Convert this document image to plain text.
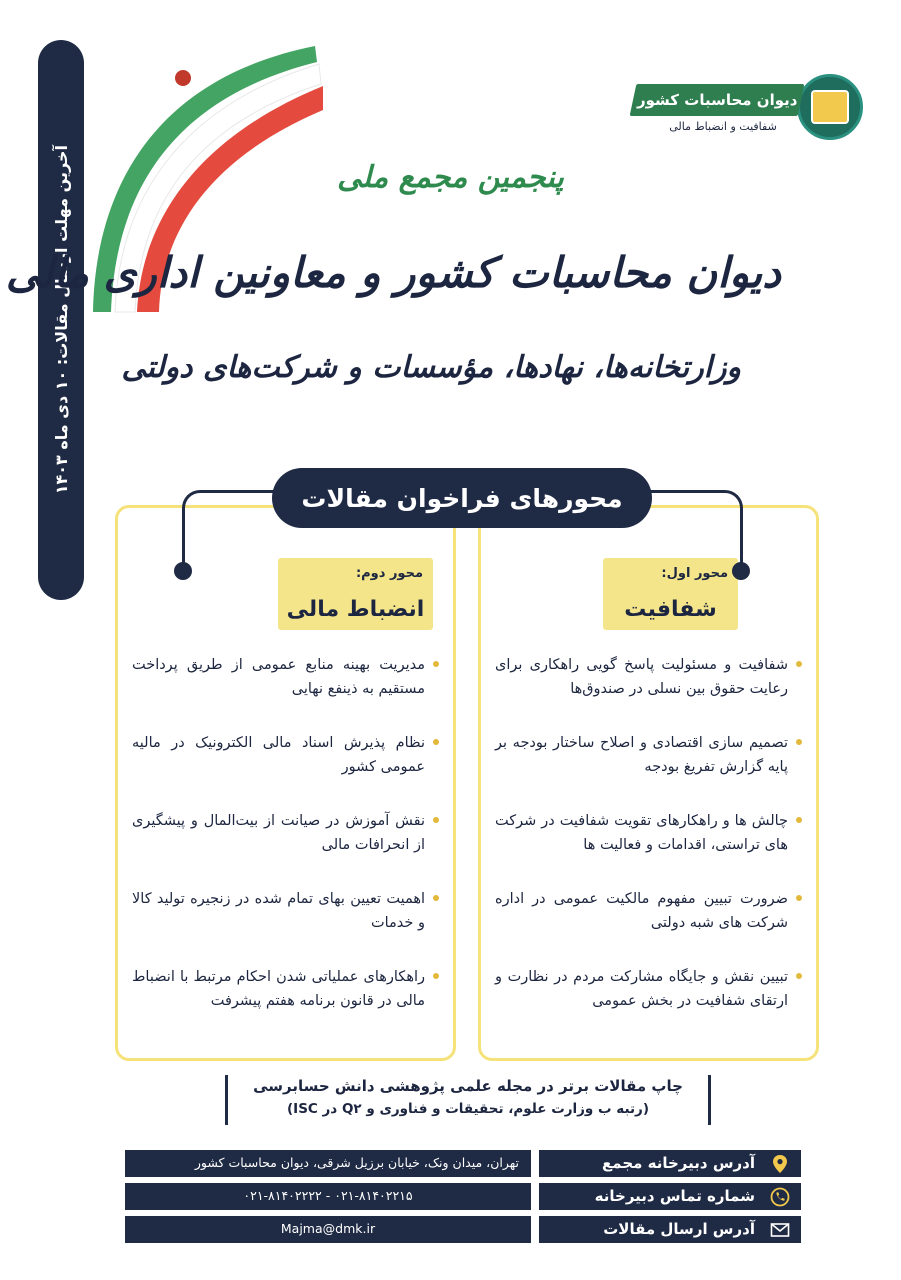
آخرین مهلت ارسال مقالات: ۱۰ دی ماه ۱۴۰۳
دیوان محاسبات کشور
شفافیت و انضباط مالی
پنجمین مجمع ملی
دیوان محاسبات کشور و معاونین اداری مالی
وزارتخانه‌ها، نهادها، مؤسسات و شرکت‌های دولتی
محور اول:
شفافیت
شفافیت و مسئولیت پاسخ گویی راهکاری برای رعایت حقوق بین نسلی در صندوق‌ها
تصمیم سازی اقتصادی و اصلاح ساختار بودجه بر پایه گزارش تفریغ بودجه
چالش ها و راهکارهای تقویت شفافیت در شرکت های تراستی، اقدامات و فعالیت ها
ضرورت تبیین مفهوم مالکیت عمومی در اداره شرکت های شبه دولتی
تبیین نقش و جایگاه مشارکت مردم در نظارت و ارتقای شفافیت در بخش عمومی
محور دوم:
انضباط مالی
مدیریت بهینه منابع عمومی از طریق پرداخت مستقیم به ذینفع نهایی
نظام پذیرش اسناد مالی الکترونیک در مالیه عمومی کشور
نقش آموزش در صیانت از بیت‌المال و پیشگیری از انحرافات مالی
اهمیت تعیین بهای تمام شده در زنجیره تولید کالا و خدمات
راهکارهای عملیاتی شدن احکام مرتبط با انضباط مالی در قانون برنامه هفتم پیشرفت
محورهای فراخوان مقالات
چاپ مقالات برتر در مجله علمی پژوهشی دانش حسابرسی
(رتبه ب وزارت علوم، تحقیقات و فناوری و Q۲ در ISC)
آدرس دبیرخانه مجمع
تهران، میدان ونک، خیابان برزیل شرقی، دیوان محاسبات کشور
شماره تماس دبیرخانه
۰۲۱-۸۱۴۰۲۲۱۵ - ۰۲۱-۸۱۴۰۲۲۲۲
آدرس ارسال مقالات
Majma@dmk.ir
